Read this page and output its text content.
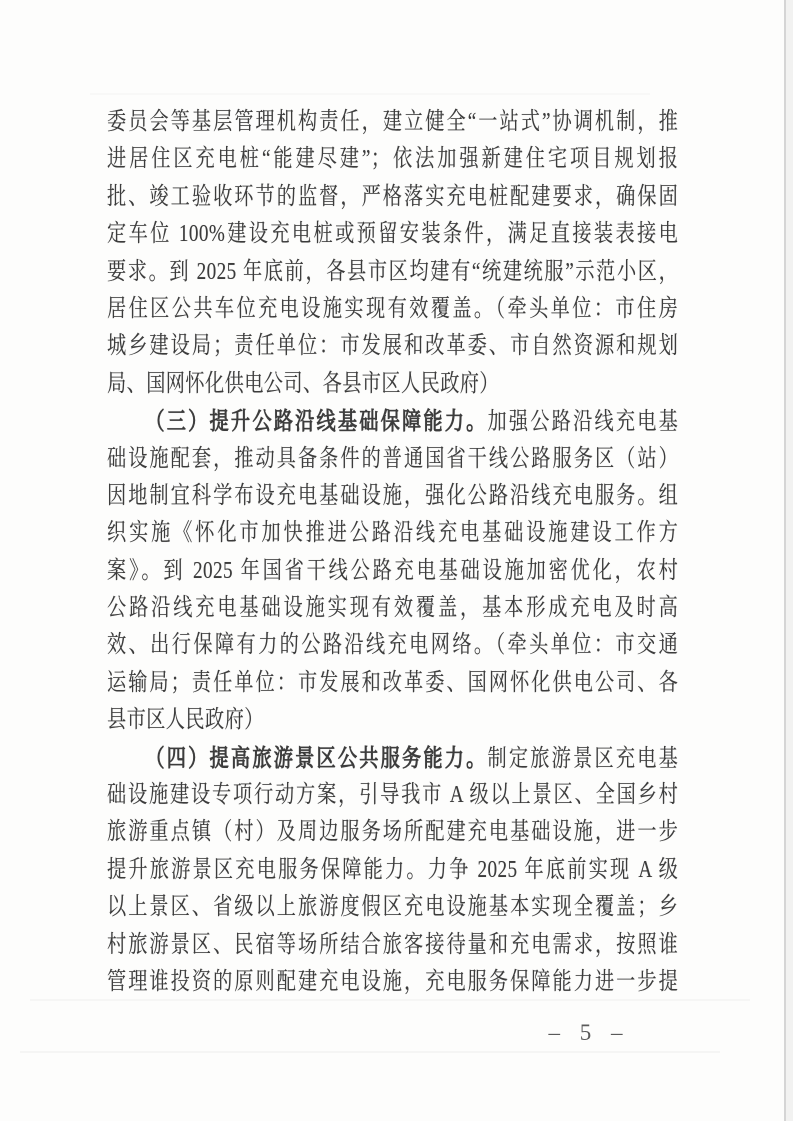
委员会等基层管理机构责任，建立健全“一站式”协调机制，推
进居住区充电桩“能建尽建”；依法加强新建住宅项目规划报
批、竣工验收环节的监督，严格落实充电桩配建要求，确保固
定车位 100%建设充电桩或预留安装条件，满足直接装表接电
要求。到 2025 年底前，各县市区均建有“统建统服”示范小区，
居住区公共车位充电设施实现有效覆盖。（牵头单位：市住房
城乡建设局；责任单位：市发展和改革委、市自然资源和规划
局、国网怀化供电公司、各县市区人民政府）
（三）提升公路沿线基础保障能力。加强公路沿线充电基
础设施配套，推动具备条件的普通国省干线公路服务区（站）
因地制宜科学布设充电基础设施，强化公路沿线充电服务。组
织实施《怀化市加快推进公路沿线充电基础设施建设工作方
案》。到 2025 年国省干线公路充电基础设施加密优化，农村
公路沿线充电基础设施实现有效覆盖，基本形成充电及时高
效、出行保障有力的公路沿线充电网络。（牵头单位：市交通
运输局；责任单位：市发展和改革委、国网怀化供电公司、各
县市区人民政府）
（四）提高旅游景区公共服务能力。制定旅游景区充电基
础设施建设专项行动方案，引导我市 A 级以上景区、全国乡村
旅游重点镇（村）及周边服务场所配建充电基础设施，进一步
提升旅游景区充电服务保障能力。力争 2025 年底前实现 A 级
以上景区、省级以上旅游度假区充电设施基本实现全覆盖；乡
村旅游景区、民宿等场所结合旅客接待量和充电需求，按照谁
管理谁投资的原则配建充电设施，充电服务保障能力进一步提
– 5 –
